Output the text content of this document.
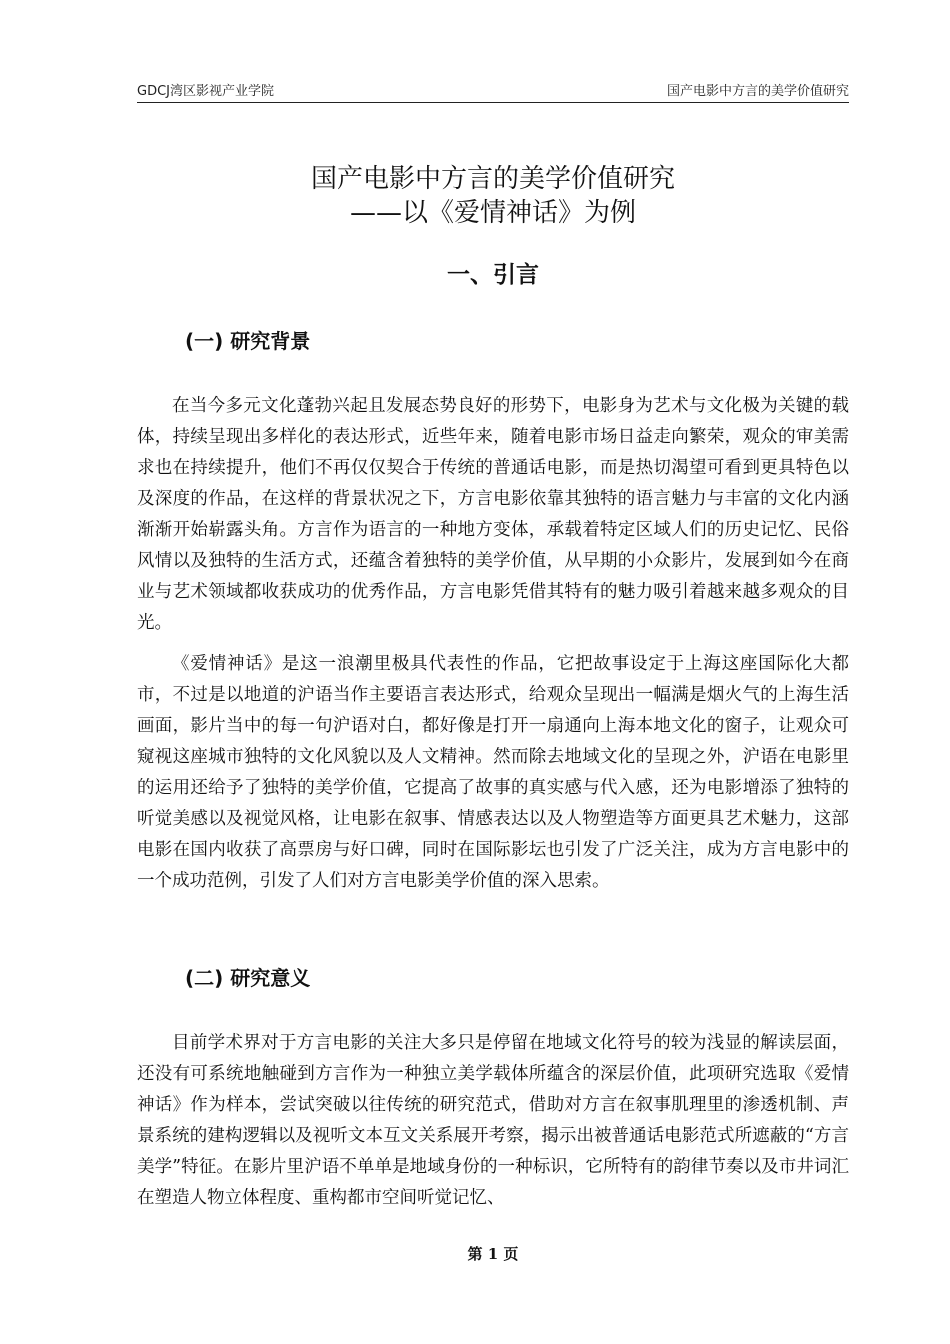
GDCJ湾区影视产业学院	国产电影中方言的美学价值研究
国产电影中方言的美学价值研究
——以《爱情神话》为例
一、引言
(一) 研究背景

在当今多元文化蓬勃兴起且发展态势良好的形势下，电影身为艺术与文化极为关键的载体，持续呈现出多样化的表达形式，近些年来，随着电影市场日益走向繁荣，观众的审美需求也在持续提升，他们不再仅仅契合于传统的普通话电影，而是热切渴望可看到更具特色以及深度的作品，在这样的背景状况之下，方言电影依靠其独特的语言魅力与丰富的文化内涵渐渐开始崭露头角。方言作为语言的一种地方变体，承载着特定区域人们的历史记忆、民俗风情以及独特的生活方式，还蕴含着独特的美学价值，从早期的小众影片，发展到如今在商业与艺术领域都收获成功的优秀作品，方言电影凭借其特有的魅力吸引着越来越多观众的目光。

《爱情神话》是这一浪潮里极具代表性的作品，它把故事设定于上海这座国际化大都市，不过是以地道的沪语当作主要语言表达形式，给观众呈现出一幅满是烟火气的上海生活画面，影片当中的每一句沪语对白，都好像是打开一扇通向上海本地文化的窗子，让观众可窥视这座城市独特的文化风貌以及人文精神。然而除去地域文化的呈现之外，沪语在电影里的运用还给予了独特的美学价值，它提高了故事的真实感与代入感，还为电影增添了独特的听觉美感以及视觉风格，让电影在叙事、情感表达以及人物塑造等方面更具艺术魅力，这部电影在国内收获了高票房与好口碑，同时在国际影坛也引发了广泛关注，成为方言电影中的一个成功范例，引发了人们对方言电影美学价值的深入思索。

(二) 研究意义

目前学术界对于方言电影的关注大多只是停留在地域文化符号的较为浅显的解读层面，还没有可系统地触碰到方言作为一种独立美学载体所蕴含的深层价值，此项研究选取《爱情神话》作为样本，尝试突破以往传统的研究范式，借助对方言在叙事肌理里的渗透机制、声景系统的建构逻辑以及视听文本互文关系展开考察，揭示出被普通话电影范式所遮蔽的“方言美学”特征。在影片里沪语不单单是地域身份的一种标识，它所特有的韵律节奏以及市井词汇在塑造人物立体程度、重构都市空间听觉记忆、

第 1 页
